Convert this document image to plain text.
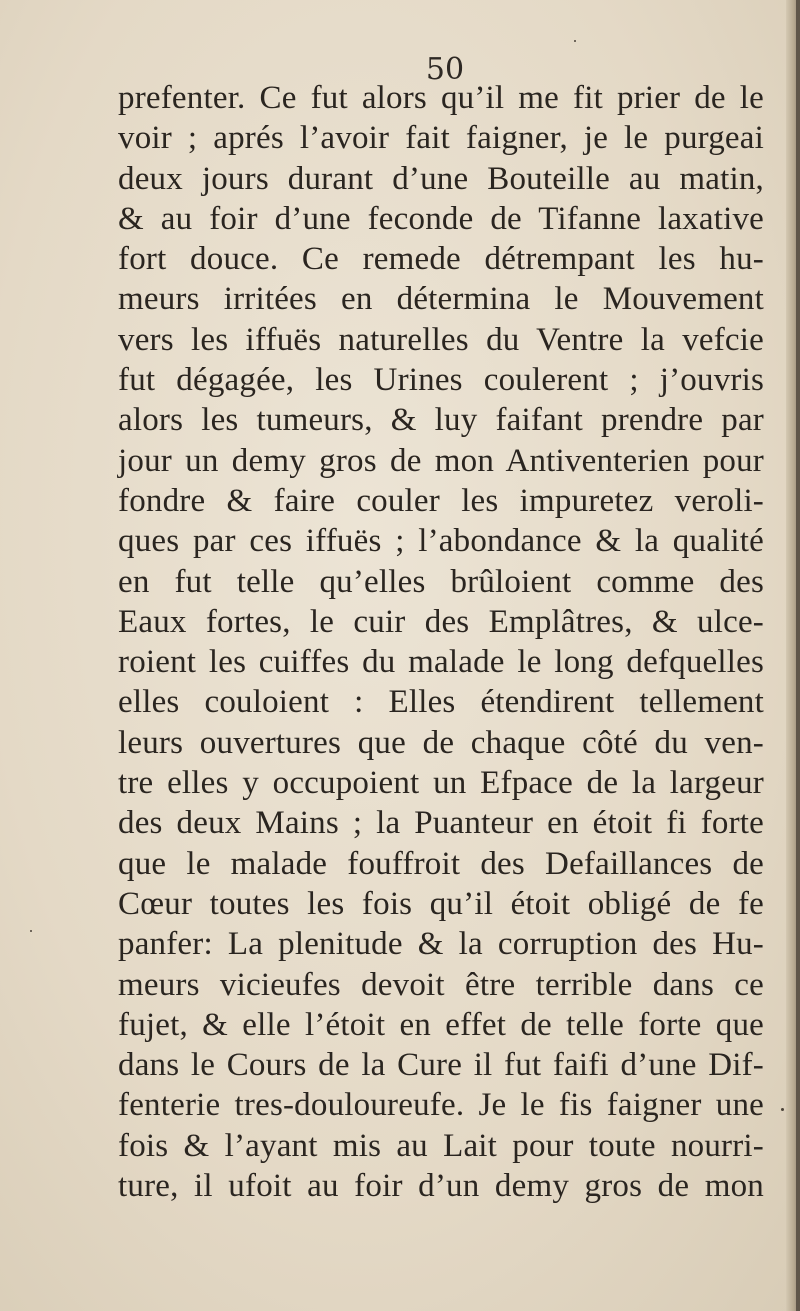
50
prefenter. Ce fut alors qu’il me fit prier de le
voir ; aprés l’avoir fait faigner, je le purgeai
deux jours durant d’une Bouteille au matin,
& au foir d’une feconde de Tifanne laxative
fort douce. Ce remede détrempant les hu-
meurs irritées en détermina le Mouvement
vers les iffuës naturelles du Ventre la vefcie
fut dégagée, les Urines coulerent ; j’ouvris
alors les tumeurs, & luy faifant prendre par
jour un demy gros de mon Antiventerien pour
fondre & faire couler les impuretez veroli-
ques par ces iffuës ; l’abondance & la qualité
en fut telle qu’elles brûloient comme des
Eaux fortes, le cuir des Emplâtres, & ulce-
roient les cuiffes du malade le long defquelles
elles couloient : Elles étendirent tellement
leurs ouvertures que de chaque côté du ven-
tre elles y occupoient un Efpace de la largeur
des deux Mains ; la Puanteur en étoit fi forte
que le malade fouffroit des Defaillances de
Cœur toutes les fois qu’il étoit obligé de fe
panfer: La plenitude & la corruption des Hu-
meurs vicieufes devoit être terrible dans ce
fujet, & elle l’étoit en effet de telle forte que
dans le Cours de la Cure il fut faifi d’une Dif-
fenterie tres-douloureufe. Je le fis faigner une
fois & l’ayant mis au Lait pour toute nourri-
ture, il ufoit au foir d’un demy gros de mon
